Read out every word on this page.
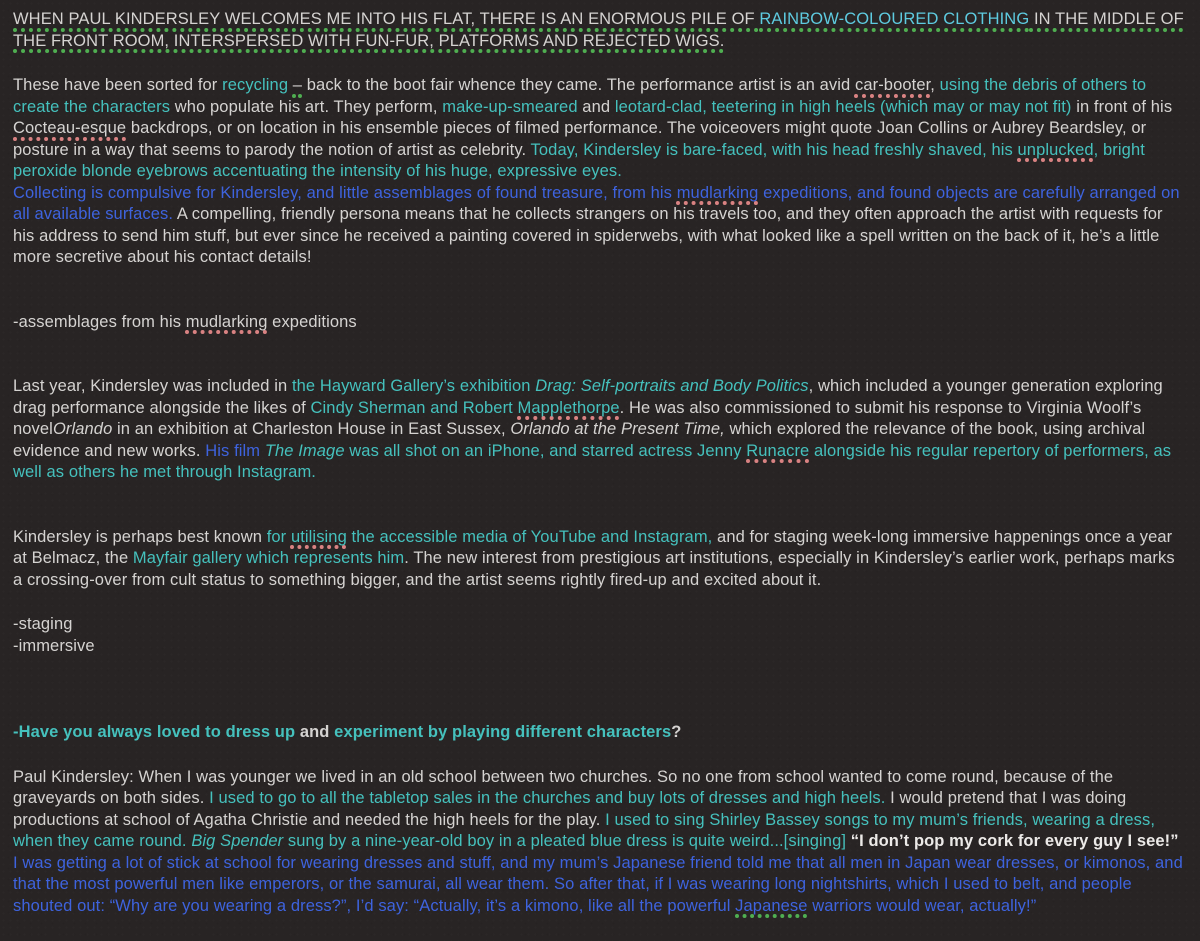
WHEN PAUL KINDERSLEY WELCOMES ME INTO HIS FLAT, THERE IS AN ENORMOUS PILE OF RAINBOW-COLOURED CLOTHING IN THE MIDDLE OF THE FRONT ROOM, INTERSPERSED WITH FUN-FUR, PLATFORMS AND REJECTED WIGS.

These have been sorted for recycling – back to the boot fair whence they came. The performance artist is an avid car-booter, using the debris of others to create the characters who populate his art. They perform, make-up-smeared and leotard-clad, teetering in high heels (which may or may not fit) in front of his Cocteau-esque backdrops, or on location in his ensemble pieces of filmed performance. The voiceovers might quote Joan Collins or Aubrey Beardsley, or posture in a way that seems to parody the notion of artist as celebrity. Today, Kindersley is bare-faced, with his head freshly shaved, his unplucked, bright peroxide blonde eyebrows accentuating the intensity of his huge, expressive eyes.

Collecting is compulsive for Kindersley, and little assemblages of found treasure, from his mudlarking expeditions, and found objects are carefully arranged on all available surfaces. A compelling, friendly persona means that he collects strangers on his travels too, and they often approach the artist with requests for his address to send him stuff, but ever since he received a painting covered in spiderwebs, with what looked like a spell written on the back of it, he’s a little more secretive about his contact details!

-assemblages from his mudlarking expeditions

Last year, Kindersley was included in the Hayward Gallery’s exhibition Drag: Self-portraits and Body Politics, which included a younger generation exploring drag performance alongside the likes of Cindy Sherman and Robert Mapplethorpe. He was also commissioned to submit his response to Virginia Woolf’s novelOrlando in an exhibition at Charleston House in East Sussex, Orlando at the Present Time, which explored the relevance of the book, using archival evidence and new works. His film The Image was all shot on an iPhone, and starred actress Jenny Runacre alongside his regular repertory of performers, as well as others he met through Instagram.

Kindersley is perhaps best known for utilising the accessible media of YouTube and Instagram, and for staging week-long immersive happenings once a year at Belmacz, the Mayfair gallery which represents him. The new interest from prestigious art institutions, especially in Kindersley’s earlier work, perhaps marks a crossing-over from cult status to something bigger, and the artist seems rightly fired-up and excited about it.

-staging

-immersive

-Have you always loved to dress up and experiment by playing different characters?

Paul Kindersley: When I was younger we lived in an old school between two churches. So no one from school wanted to come round, because of the graveyards on both sides. I used to go to all the tabletop sales in the churches and buy lots of dresses and high heels. I would pretend that I was doing productions at school of Agatha Christie and needed the high heels for the play. I used to sing Shirley Bassey songs to my mum’s friends, wearing a dress, when they came round. Big Spender sung by a nine-year-old boy in a pleated blue dress is quite weird...[singing] “I don’t pop my cork for every guy I see!” I was getting a lot of stick at school for wearing dresses and stuff, and my mum’s Japanese friend told me that all men in Japan wear dresses, or kimonos, and that the most powerful men like emperors, or the samurai, all wear them. So after that, if I was wearing long nightshirts, which I used to belt, and people shouted out: “Why are you wearing a dress?”, I’d say: “Actually, it’s a kimono, like all the powerful Japanese warriors would wear, actually!”
